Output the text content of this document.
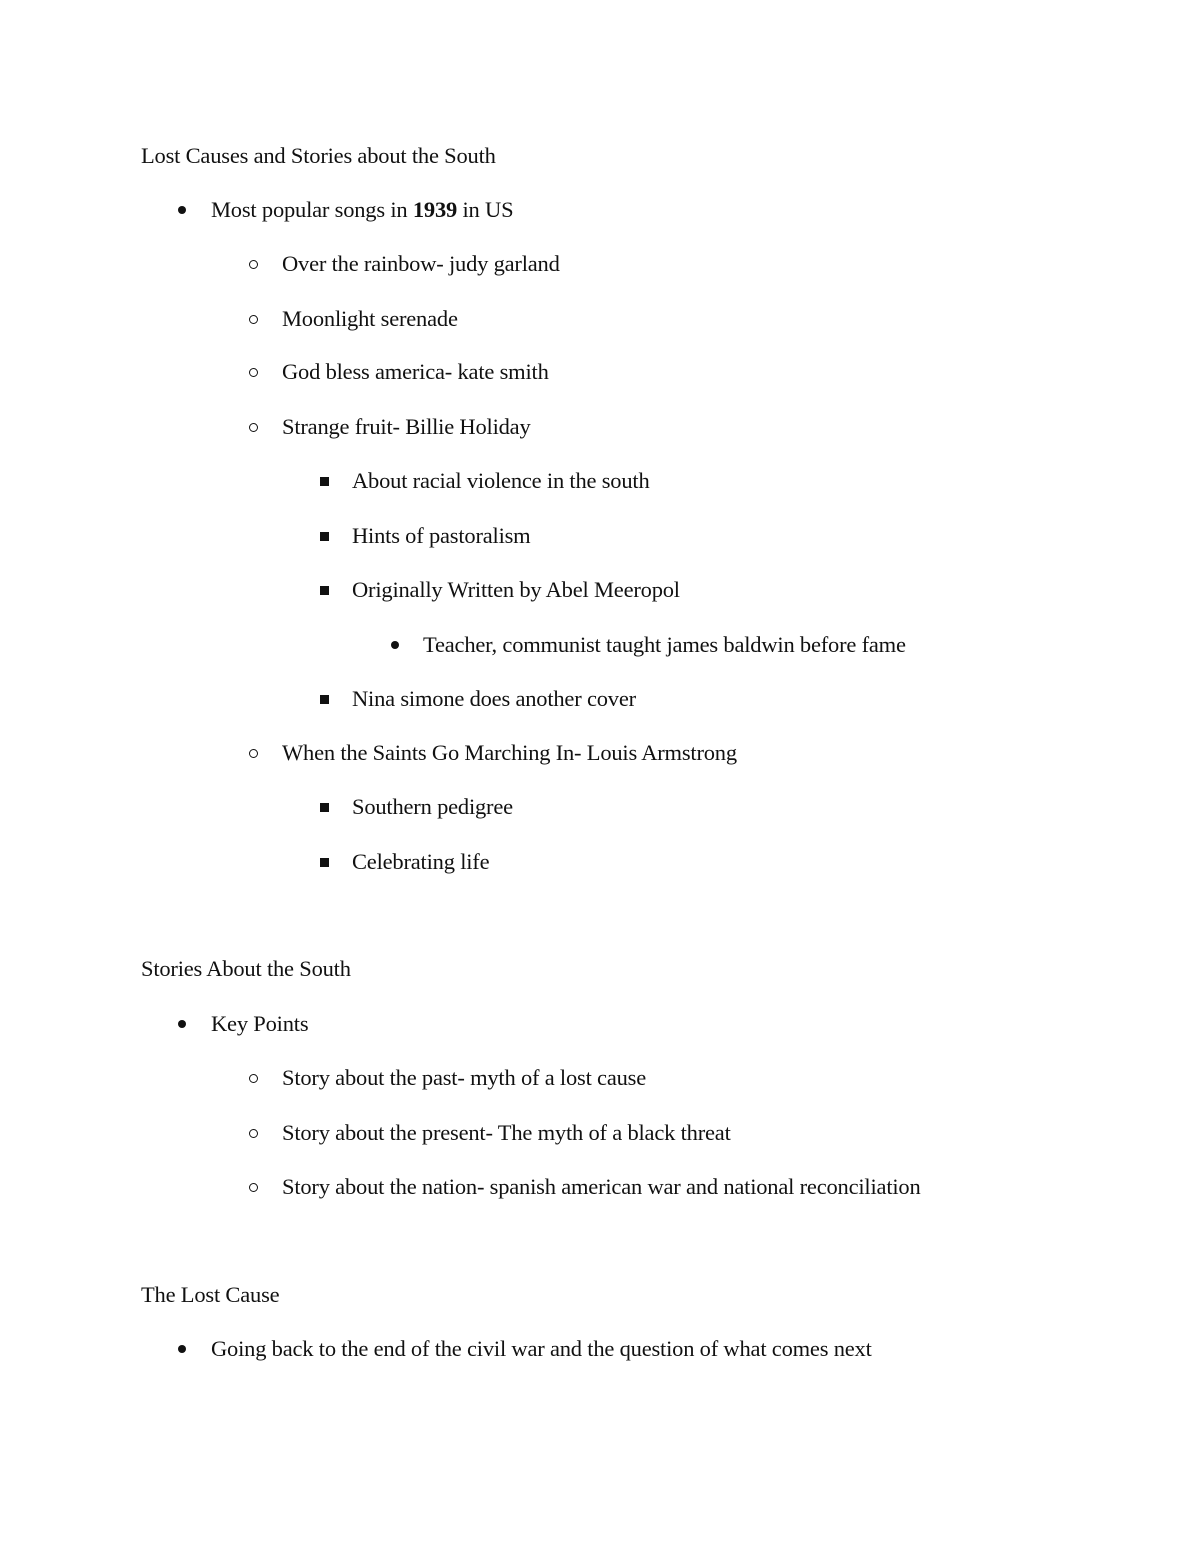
Lost Causes and Stories about the South
Most popular songs in 1939 in US
Over the rainbow- judy garland
Moonlight serenade
God bless america- kate smith
Strange fruit- Billie Holiday
About racial violence in the south
Hints of pastoralism
Originally Written by Abel Meeropol
Teacher, communist taught james baldwin before fame
Nina simone does another cover
When the Saints Go Marching In- Louis Armstrong
Southern pedigree
Celebrating life
Stories About the South
Key Points
Story about the past- myth of a lost cause
Story about the present- The myth of a black threat
Story about the nation- spanish american war and national reconciliation
The Lost Cause
Going back to the end of the civil war and the question of what comes next
